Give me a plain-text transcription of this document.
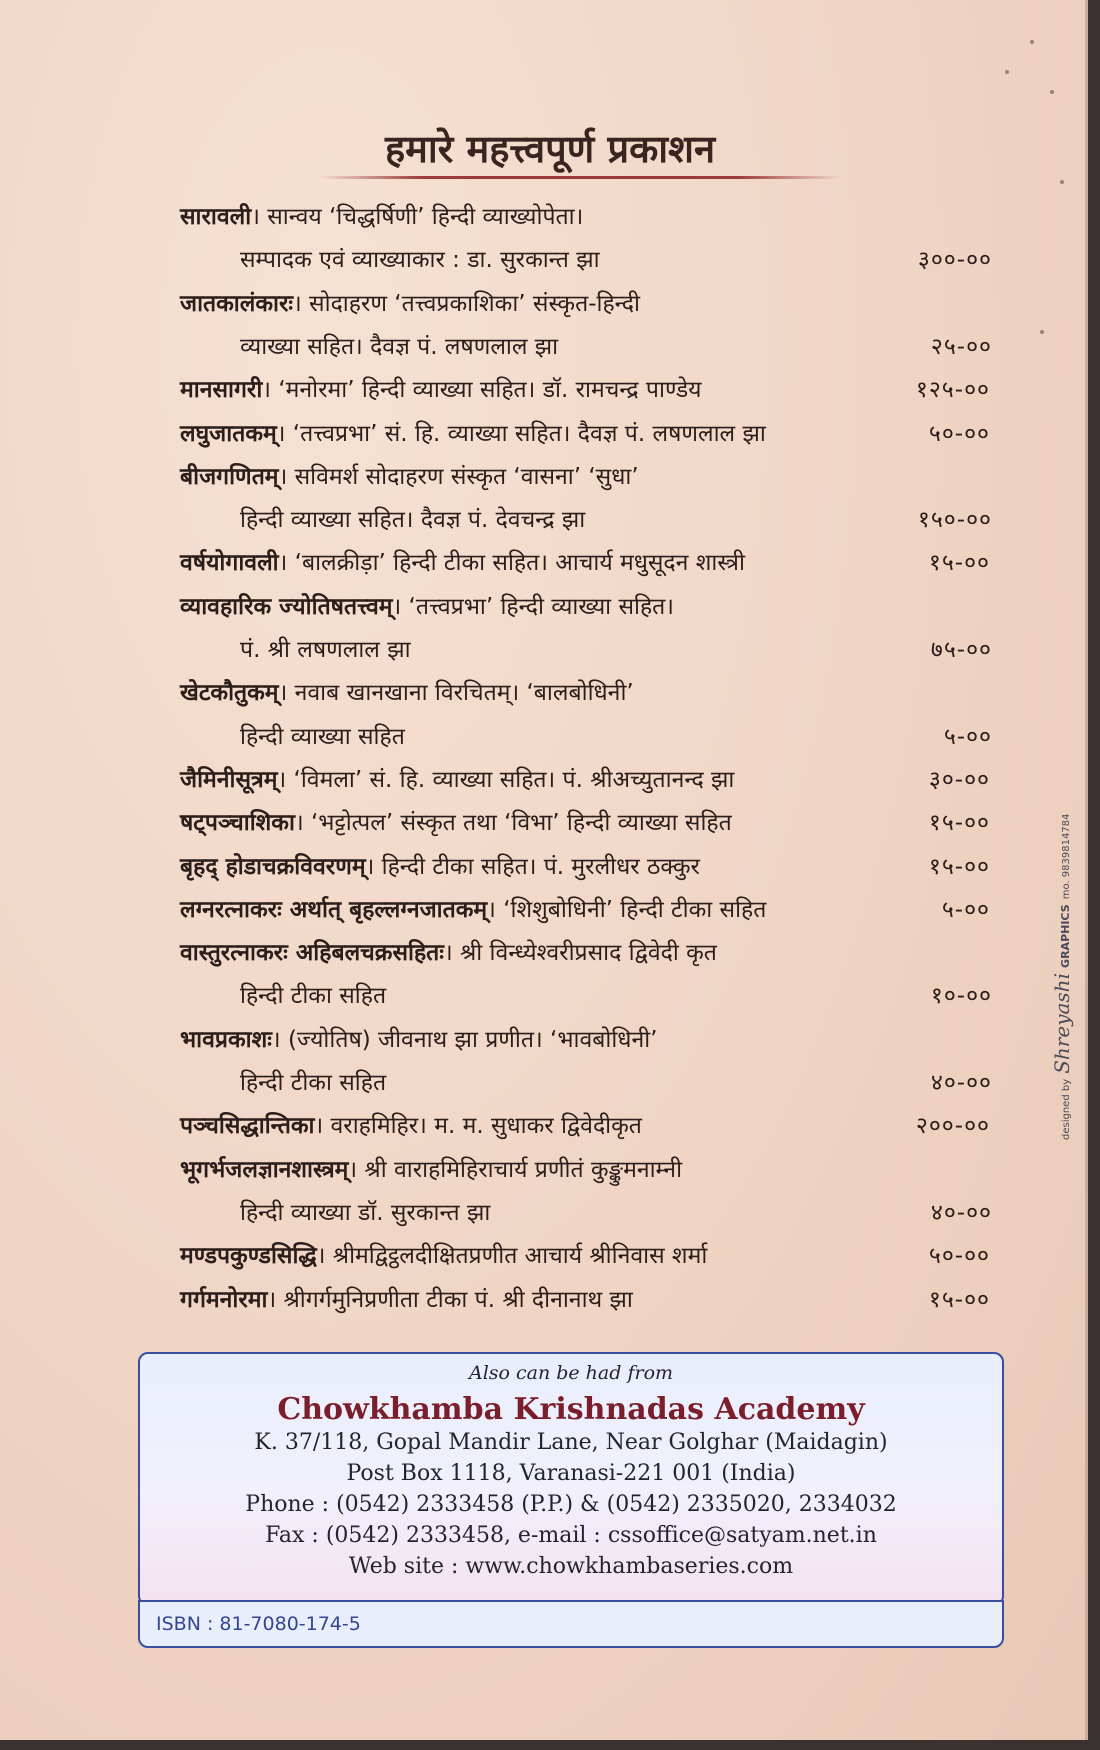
हमारे महत्त्वपूर्ण प्रकाशन
सारावली। सान्वय ‘चिद्धर्षिणी’ हिन्दी व्याख्योपेता।
सम्पादक एवं व्याख्याकार : डा. सुरकान्त झा	३००-००
जातकालंकारः। सोदाहरण ‘तत्त्वप्रकाशिका’ संस्कृत-हिन्दी
व्याख्या सहित। दैवज्ञ पं. लषणलाल झा	२५-००
मानसागरी। ‘मनोरमा’ हिन्दी व्याख्या सहित। डॉ. रामचन्द्र पाण्डेय	१२५-००
लघुजातकम्। ‘तत्त्वप्रभा’ सं. हि. व्याख्या सहित। दैवज्ञ पं. लषणलाल झा	५०-००
बीजगणितम्। सविमर्श सोदाहरण संस्कृत ‘वासना’ ‘सुधा’
हिन्दी व्याख्या सहित। दैवज्ञ पं. देवचन्द्र झा	१५०-००
वर्षयोगावली। ‘बालक्रीड़ा’ हिन्दी टीका सहित। आचार्य मधुसूदन शास्त्री	१५-००
व्यावहारिक ज्योतिषतत्त्वम्। ‘तत्त्वप्रभा’ हिन्दी व्याख्या सहित।
पं. श्री लषणलाल झा	७५-००
खेटकौतुकम्। नवाब खानखाना विरचितम्। ‘बालबोधिनी’
हिन्दी व्याख्या सहित	५-००
जैमिनीसूत्रम्। ‘विमला’ सं. हि. व्याख्या सहित। पं. श्रीअच्युतानन्द झा	३०-००
षट्पञ्चाशिका। ‘भट्टोत्पल’ संस्कृत तथा ‘विभा’ हिन्दी व्याख्या सहित	१५-००
बृहद् होडाचक्रविवरणम्। हिन्दी टीका सहित। पं. मुरलीधर ठक्कुर	१५-००
लग्नरत्नाकरः अर्थात् बृहल्लग्नजातकम्। ‘शिशुबोधिनी’ हिन्दी टीका सहित	५-००
वास्तुरत्नाकरः अहिबलचक्रसहितः। श्री विन्ध्येश्वरीप्रसाद द्विवेदी कृत
हिन्दी टीका सहित	१०-००
भावप्रकाशः। (ज्योतिष) जीवनाथ झा प्रणीत। ‘भावबोधिनी’
हिन्दी टीका सहित	४०-००
पञ्चसिद्धान्तिका। वराहमिहिर। म. म. सुधाकर द्विवेदीकृत	२००-००
भूगर्भजलज्ञानशास्त्रम्। श्री वाराहमिहिराचार्य प्रणीतं कुङ्कुमनाम्नी
हिन्दी व्याख्या डॉ. सुरकान्त झा	४०-००
मण्डपकुण्डसिद्धि। श्रीमद्विट्ठलदीक्षितप्रणीत आचार्य श्रीनिवास शर्मा	५०-००
गर्गमनोरमा। श्रीगर्गमुनिप्रणीता टीका पं. श्री दीनानाथ झा	१५-००
Also can be had from
Chowkhamba Krishnadas Academy
K. 37/118, Gopal Mandir Lane, Near Golghar (Maidagin)
Post Box 1118, Varanasi-221 001 (India)
Phone : (0542) 2333458 (P.P.) & (0542) 2335020, 2334032
Fax : (0542) 2333458, e-mail : cssoffice@satyam.net.in
Web site : www.chowkhambaseries.com
ISBN : 81-7080-174-5
designed by Shreyashi GRAPHICS mo. 9839814784
